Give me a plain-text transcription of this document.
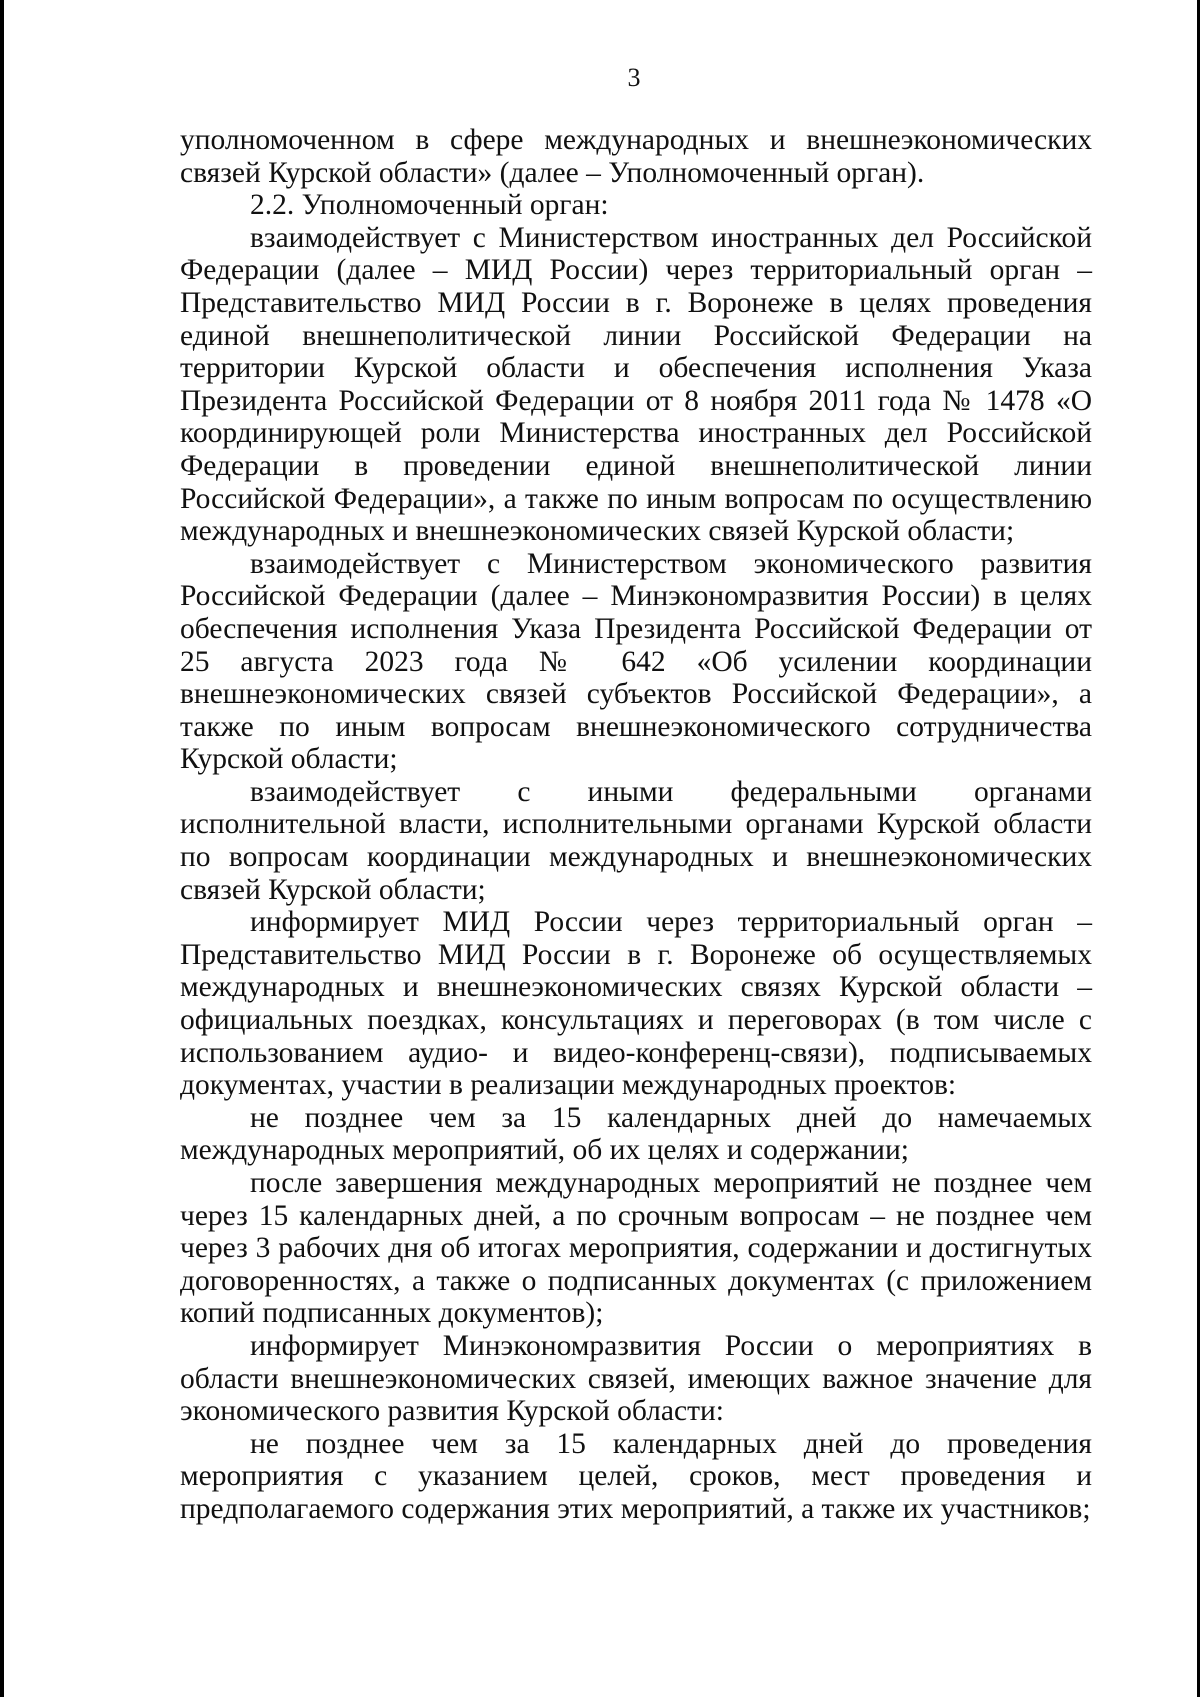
3

уполномоченном в сфере международных и внешнеэкономических связей Курской области» (далее – Уполномоченный орган).

2.2. Уполномоченный орган:

взаимодействует с Министерством иностранных дел Российской Федерации (далее – МИД России) через территориальный орган – Представительство МИД России в г. Воронеже в целях проведения единой внешнеполитической линии Российской Федерации на территории Курской области и обеспечения исполнения Указа Президента Российской Федерации от 8 ноября 2011 года № 1478 «О координирующей роли Министерства иностранных дел Российской Федерации в проведении единой внешнеполитической линии Российской Федерации», а также по иным вопросам по осуществлению международных и внешнеэкономических связей Курской области;

взаимодействует с Министерством экономического развития Российской Федерации (далее – Минэкономразвития России) в целях обеспечения исполнения Указа Президента Российской Федерации от 25 августа 2023 года № 642 «Об усилении координации внешнеэкономических связей субъектов Российской Федерации», а также по иным вопросам внешнеэкономического сотрудничества Курской области;

взаимодействует с иными федеральными органами исполнительной власти, исполнительными органами Курской области по вопросам координации международных и внешнеэкономических связей Курской области;

информирует МИД России через территориальный орган – Представительство МИД России в г. Воронеже об осуществляемых международных и внешнеэкономических связях Курской области – официальных поездках, консультациях и переговорах (в том числе с использованием аудио- и видео-конференц-связи), подписываемых документах, участии в реализации международных проектов:

не позднее чем за 15 календарных дней до намечаемых международных мероприятий, об их целях и содержании;

после завершения международных мероприятий не позднее чем через 15 календарных дней, а по срочным вопросам – не позднее чем через 3 рабочих дня об итогах мероприятия, содержании и достигнутых договоренностях, а также о подписанных документах (с приложением копий подписанных документов);

информирует Минэкономразвития России о мероприятиях в области внешнеэкономических связей, имеющих важное значение для экономического развития Курской области:

не позднее чем за 15 календарных дней до проведения мероприятия с указанием целей, сроков, мест проведения и предполагаемого содержания этих мероприятий, а также их участников;
